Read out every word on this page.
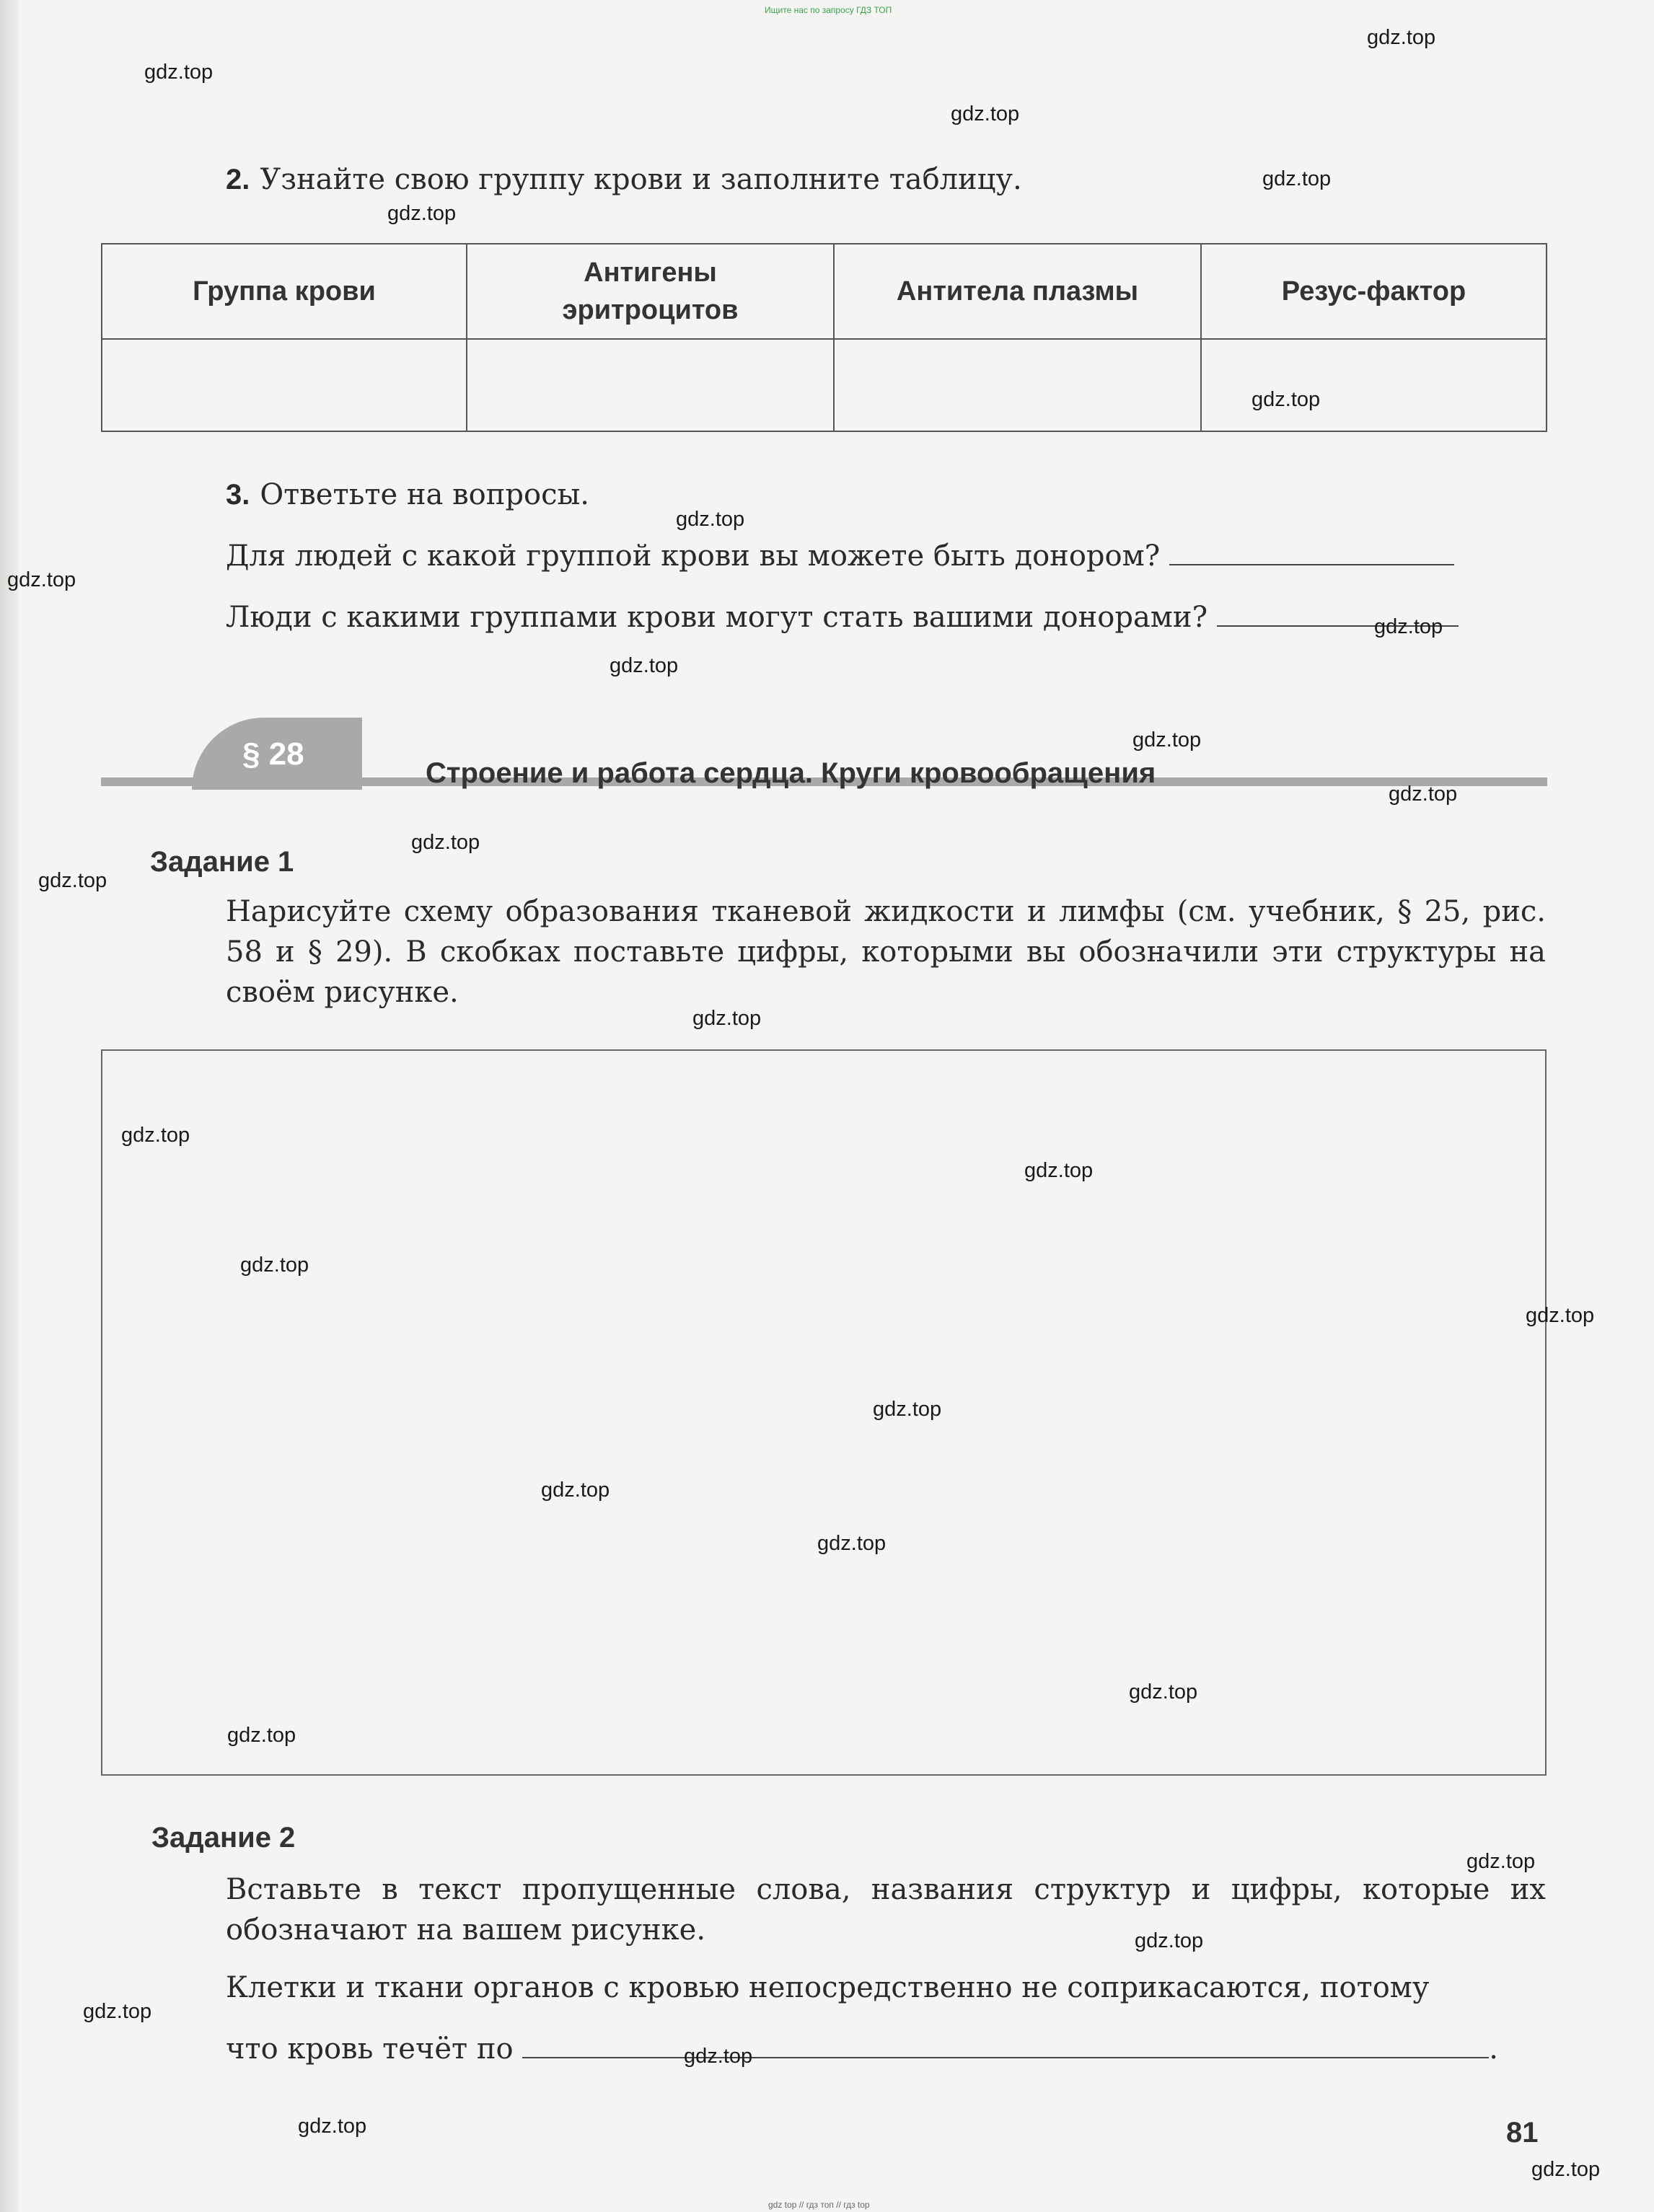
Ищите нас по запросу ГДЗ ТОП
2. Узнайте свою группу крови и заполните таблицу.
Группа крови	Антигены эритроцитов	Антитела плазмы	Резус-фактор

3. Ответьте на вопросы.
Для людей с какой группой крови вы можете быть донором?
Люди с какими группами крови могут стать вашими донорами?
§ 28
Строение и работа сердца. Круги кровообращения
Задание 1
Нарисуйте схему образования тканевой жидкости и лимфы (см. учебник, § 25, рис. 58 и § 29). В скобках поставьте цифры, которыми вы обозначили эти структуры на своём рисунке.
Задание 2
Вставьте в текст пропущенные слова, названия структур и цифры, которые их обозначают на вашем рисунке.
Клетки и ткани органов с кровью непосредственно не соприкасаются, потому
что кровь течёт по	.
81
gdz.top
gdz.top
gdz.top
gdz.top
gdz.top
gdz.top
gdz.top
gdz.top
gdz.top
gdz.top
gdz.top
gdz.top
gdz.top
gdz.top
gdz.top
gdz.top
gdz.top
gdz.top
gdz.top
gdz.top
gdz.top
gdz.top
gdz.top
gdz.top
gdz.top
gdz.top
gdz.top
gdz.top
gdz.top
gdz.top
gdz top // гдз топ // гдз top
